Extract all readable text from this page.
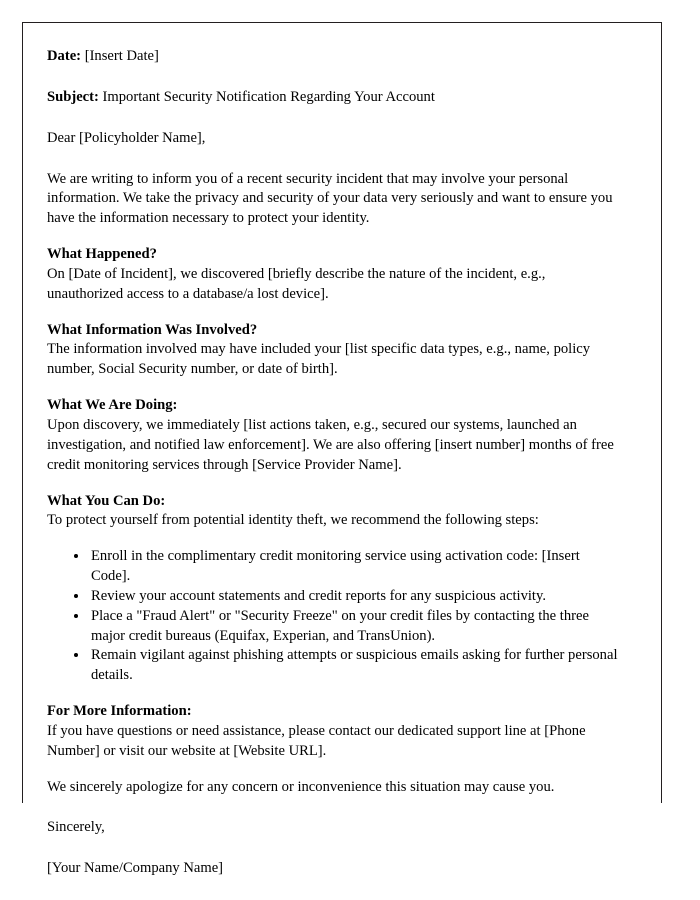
Date: [Insert Date]

Subject: Important Security Notification Regarding Your Account

Dear [Policyholder Name],

We are writing to inform you of a recent security incident that may involve your personal information. We take the privacy and security of your data very seriously and want to ensure you have the information necessary to protect your identity.

What Happened?

On [Date of Incident], we discovered [briefly describe the nature of the incident, e.g., unauthorized access to a database/a lost device].

What Information Was Involved?

The information involved may have included your [list specific data types, e.g., name, policy number, Social Security number, or date of birth].

What We Are Doing:

Upon discovery, we immediately [list actions taken, e.g., secured our systems, launched an investigation, and notified law enforcement]. We are also offering [insert number] months of free credit monitoring services through [Service Provider Name].

What You Can Do:

To protect yourself from potential identity theft, we recommend the following steps:

• Enroll in the complimentary credit monitoring service using activation code: [Insert Code].
• Review your account statements and credit reports for any suspicious activity.
• Place a "Fraud Alert" or "Security Freeze" on your credit files by contacting the three major credit bureaus (Equifax, Experian, and TransUnion).
• Remain vigilant against phishing attempts or suspicious emails asking for further personal details.
For More Information:

If you have questions or need assistance, please contact our dedicated support line at [Phone Number] or visit our website at [Website URL].

We sincerely apologize for any concern or inconvenience this situation may cause you.

Sincerely,

[Your Name/Company Name]
